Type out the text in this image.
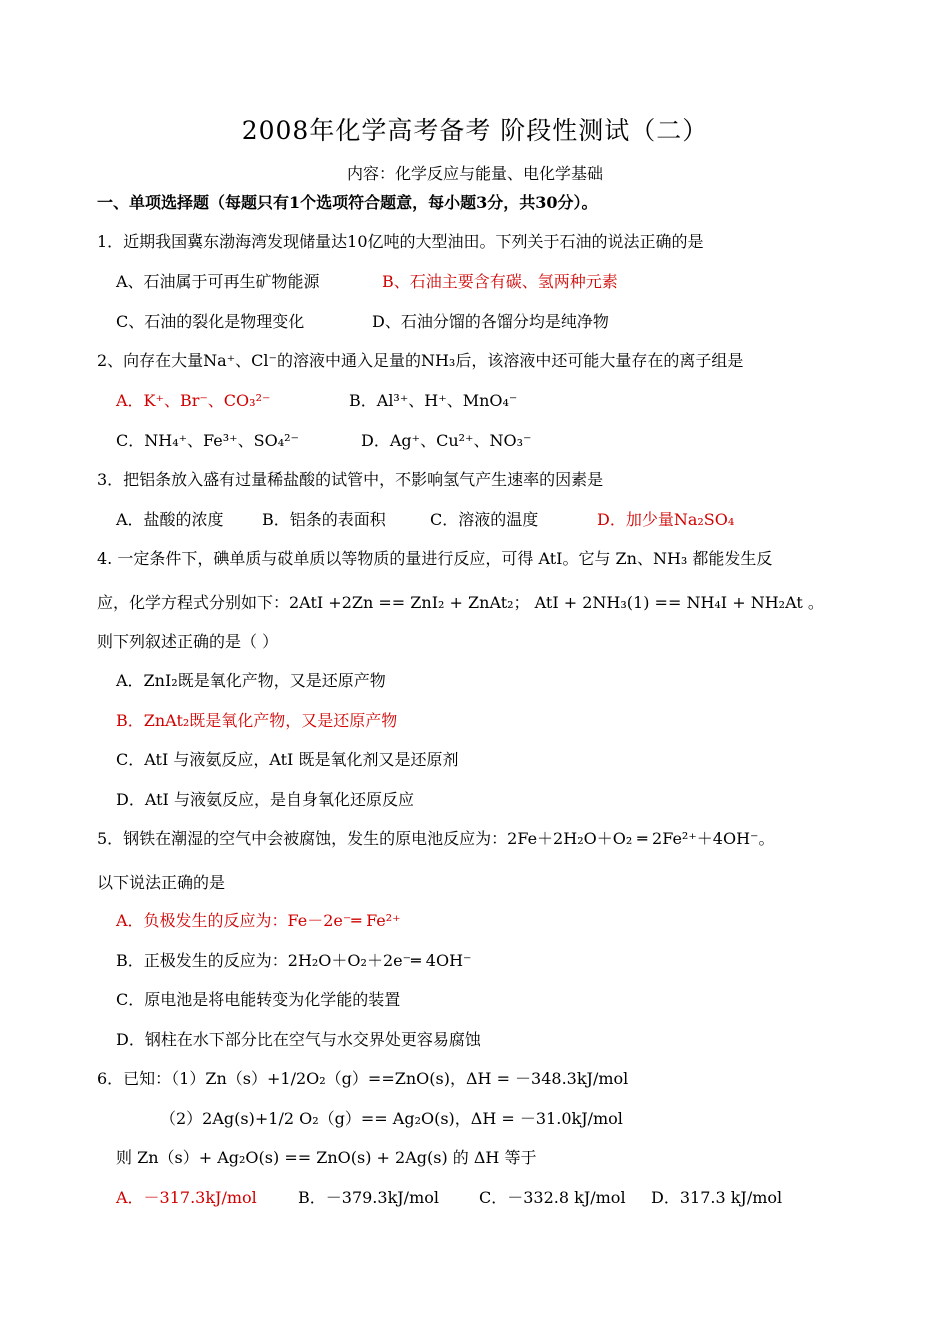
2008年化学高考备考 阶段性测试（二）
内容：化学反应与能量、电化学基础
一、单项选择题（每题只有1个选项符合题意，每小题3分，共30分）。
1．近期我国冀东渤海湾发现储量达10亿吨的大型油田。下列关于石油的说法正确的是
A、石油属于可再生矿物能源	B、石油主要含有碳、氢两种元素
C、石油的裂化是物理变化	D、石油分馏的各馏分均是纯净物
2、向存在大量Na⁺、Cl⁻的溶液中通入足量的NH₃后，该溶液中还可能大量存在的离子组是
A．K⁺、Br⁻、CO₃²⁻	B．Al³⁺、H⁺、MnO₄⁻
C．NH₄⁺、Fe³⁺、SO₄²⁻	D．Ag⁺、Cu²⁺、NO₃⁻
3．把铝条放入盛有过量稀盐酸的试管中，不影响氢气产生速率的因素是
A．盐酸的浓度 B．铝条的表面积	C．溶液的温度	D．加少量Na₂SO₄
4. 一定条件下，碘单质与砹单质以等物质的量进行反应，可得 AtI。它与 Zn、NH₃ 都能发生反
应，化学方程式分别如下：2AtI +2Zn == ZnI₂ + ZnAt₂； AtI + 2NH₃(1) == NH₄I + NH₂At 。
则下列叙述正确的是（ ）
A．ZnI₂既是氧化产物，又是还原产物
B．ZnAt₂既是氧化产物，又是还原产物
C．AtI 与液氨反应，AtI 既是氧化剂又是还原剂
D．AtI 与液氨反应，是自身氧化还原反应
5．钢铁在潮湿的空气中会被腐蚀，发生的原电池反应为：2Fe＋2H₂O＋O₂ ═ 2Fe²⁺＋4OH⁻。
以下说法正确的是
A．负极发生的反应为：Fe－2e⁻═ Fe²⁺
B．正极发生的反应为：2H₂O＋O₂＋2e⁻═ 4OH⁻
C．原电池是将电能转变为化学能的装置
D．钢柱在水下部分比在空气与水交界处更容易腐蚀
6．已知：（1）Zn（s）+1/2O₂（g）==ZnO(s)，ΔH = －348.3kJ/mol
（2）2Ag(s)+1/2 O₂（g）== Ag₂O(s)，ΔH = －31.0kJ/mol
则 Zn（s）+ Ag₂O(s) == ZnO(s) + 2Ag(s) 的 ΔH 等于
A．－317.3kJ/mol	B．－379.3kJ/mol	C．－332.8 kJ/mol D．317.3 kJ/mol
